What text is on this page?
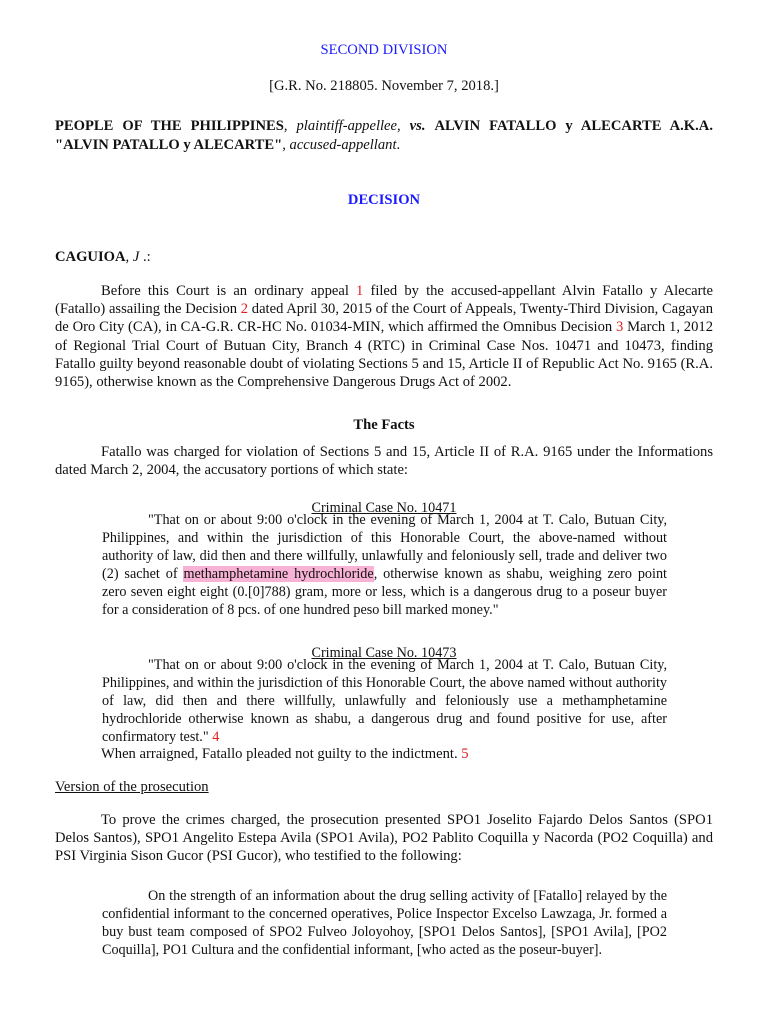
SECOND DIVISION

[G.R. No. 218805. November 7, 2018.]

PEOPLE OF THE PHILIPPINES, plaintiff-appellee, vs. ALVIN FATALLO y ALECARTE A.K.A. "ALVIN PATALLO y ALECARTE", accused-appellant.

DECISION

CAGUIOA, J .:

Before this Court is an ordinary appeal 1 filed by the accused-appellant Alvin Fatallo y Alecarte (Fatallo) assailing the Decision 2 dated April 30, 2015 of the Court of Appeals, Twenty-Third Division, Cagayan de Oro City (CA), in CA-G.R. CR-HC No. 01034-MIN, which affirmed the Omnibus Decision 3 March 1, 2012 of Regional Trial Court of Butuan City, Branch 4 (RTC) in Criminal Case Nos. 10471 and 10473, finding Fatallo guilty beyond reasonable doubt of violating Sections 5 and 15, Article II of Republic Act No. 9165 (R.A. 9165), otherwise known as the Comprehensive Dangerous Drugs Act of 2002.

The Facts

Fatallo was charged for violation of Sections 5 and 15, Article II of R.A. 9165 under the Informations dated March 2, 2004, the accusatory portions of which state:

Criminal Case No. 10471

"That on or about 9:00 o'clock in the evening of March 1, 2004 at T. Calo, Butuan City, Philippines, and within the jurisdiction of this Honorable Court, the above-named without authority of law, did then and there willfully, unlawfully and feloniously sell, trade and deliver two (2) sachet of methamphetamine hydrochloride, otherwise known as shabu, weighing zero point zero seven eight eight (0.[0]788) gram, more or less, which is a dangerous drug to a poseur buyer for a consideration of 8 pcs. of one hundred peso bill marked money."

Criminal Case No. 10473

"That on or about 9:00 o'clock in the evening of March 1, 2004 at T. Calo, Butuan City, Philippines, and within the jurisdiction of this Honorable Court, the above named without authority of law, did then and there willfully, unlawfully and feloniously use a methamphetamine hydrochloride otherwise known as shabu, a dangerous drug and found positive for use, after confirmatory test." 4

When arraigned, Fatallo pleaded not guilty to the indictment. 5

Version of the prosecution

To prove the crimes charged, the prosecution presented SPO1 Joselito Fajardo Delos Santos (SPO1 Delos Santos), SPO1 Angelito Estepa Avila (SPO1 Avila), PO2 Pablito Coquilla y Nacorda (PO2 Coquilla) and PSI Virginia Sison Gucor (PSI Gucor), who testified to the following:

On the strength of an information about the drug selling activity of [Fatallo] relayed by the confidential informant to the concerned operatives, Police Inspector Excelso Lawzaga, Jr. formed a buy bust team composed of SPO2 Fulveo Joloyohoy, [SPO1 Delos Santos], [SPO1 Avila], [PO2 Coquilla], PO1 Cultura and the confidential informant, [who acted as the poseur-buyer].
